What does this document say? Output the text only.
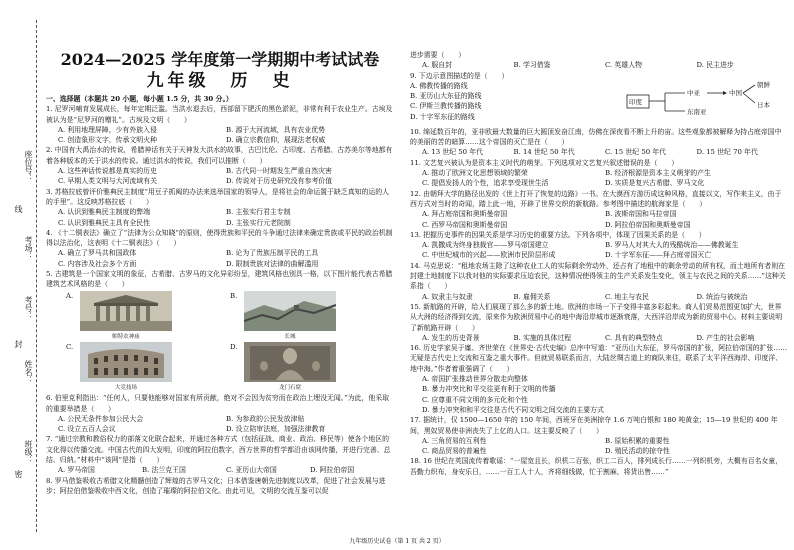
线
封
密
座位号：
考场：
考号：
姓名：
班级：
2024—2025 学年度第一学期期中考试试卷
九年级　历　史
一、选择题（本题共 20 小题，每小题 1.5 分，共 30 分。）

1. 尼罗河哺育发展成长，每年定期泛滥。当洪水退去后，西部留下肥沃的黑色淤泥，非常有利于农业生产。古埃及被认为是“尼罗河的赠礼”。古埃及文明（　　）

A. 利用地理屏障，少有外族入侵	B. 源于大河流域，具有农业优势
C. 创造象形文字，传承文明火种	D. 确立宗教信仰，展现法老权威

2. 中国有大禹治水的传说，希腊神话有关于天神发大洪水的故事，古巴比伦、古印度、古希腊、古苏美尔等地都有着各种版本的关于洪水的传说。通过洪水的传说，我们可以推断（　　）

A. 这些神话传说都是真实的历史	B. 古代同一时期发生严重自然灾害
C. 早期人类文明与大河流域有关	D. 传说对于历史研究没有参考价值

3. 苏格拉底曾评价雅典民主制度“用豆子抓阄的办法来选举国家的领导人，是将社会的命运置于缺乏真知的运的人的手里”。这反映苏格拉底（　　）

A. 认识到雅典民主制度的弊端	B. 主张实行君主专制
C. 认识到雅典民主具有全民性	D. 主张实行元老院制

4. 《十二铜表法》确立了“法律为公众知晓”的原则，使得贵族和平民的斗争通过法律来确定贵族或平民的政治机制得以法治化，这表明《十二铜表法》（　　）

A. 确立了罗马共和国政体	B. 论为了贵族压制平民的工具
C. 内容涉及社会多个方面	D. 限制贵族对法律的曲解滥用

5. 古建筑是一个国家文明的象征，古希腊、古罗马的文化异彩纷呈，建筑风格也别具一格，以下图片能代表古希腊建筑艺术风格的是（　　）

A.
帕特农神庙
B.
长城
C.
大竞技场
D.
龙门石窟

6. 伯里克利指出：“任何人，只要他能够对国家有所贡献，绝对不会因为贫穷而在政治上埋没无闻。”为此，他采取的重要举措是（　　）

A. 公民无条件参加公民大会	B. 为参政的公民发放津贴
C. 设立五百人会议	D. 设立陪审法庭，加强法律教育

7. “通过宗教和教俗权力的部落文化联合起来，并通过各种方式（包括征战、商业、政治、移民等）使各个地区的文化得以传播交流。中国古代的四大发明，印度的阿拉伯数字，西方世界的哲学都沿由该网传播，并进行完善、总结、归纳。”材料中“该网”是指（　　）

A. 罗马帝国	B. 法兰克王国	C. 亚历山大帝国	D. 阿拉伯帝国

8. 罗马借鉴吸收古希腊文化精髓创造了辉煌的古罗马文化；日本借鉴唐朝先进制度以改革，促进了社会发展与进步；阿拉伯借鉴吸收中西文化，创造了璀璨的阿拉伯文化。由此可见，文明的交流互鉴可以促

进步需要（　　）

A. 服自封	B. 学习借鉴	C. 英雄人物	D. 民主进步

9. 下边示意图描述的是（　　）

A. 佛教传播的路线
B. 亚历山大东征的路线
C. 伊斯兰教传播的路线
D. 十字军东征的路线
印度
中亚	中国
朝鲜
日本
东南亚

10. 绵延数百年的，亚非欧最大数量的巨大圆顶发奋江南，仿佛在深夜看不断上升的宙。这些观象都被解释为持占庭帝国中的美丽的苦的暗算……这个帝国的灭亡是在（　　）

A. 13 世纪 50 年代	B. 14 世纪 50 年代	C. 15 世纪 50 年代	D. 15 世纪 70 年代

11. 文艺复兴被认为是资本主义时代的萌芽。下列选项对文艺复兴叙述错误的是（　　）

A. 推动了欧洲文化思想领域的繁荣	B. 经济根源是资本主义萌芽的产生
C. 提倡发扬人的个性，追求享受现世生活	D. 实质是复兴古希腊、罗马文化

12. 由朝拜大学的路径出发的《世上打开了恢复的边路》一书。在大漠西方游历成这种风格，直接以文，写作来主义，由于西方式对当时的奇闻，踏上此一地，开辟了世界交织的新航路。参考图中描述的航海家是（　　）

A. 拜占庭帝国和奥斯曼帝国	B. 波斯帝国和马拉帝国
C. 西罗马帝国和奥斯曼帝国	D. 阿拉伯帝国和奥斯曼帝国

13. 把握历史事件的因果关系是学习历史的重要方法。下列各项中，体现了因果关系的是（　　）

A. 凯撒成为终身独裁官——罗马帝国建立	B. 罗马人对其大人的残酷统治——佛教诞生
C. 中世纪城市的兴起——欧洲市民阶层形成	D. 十字军东征——拜占庭帝国灭亡

14. 马克思说：“租地农场主除了这种农业工人的实际剩余劳动外，还占有了地租中的剩余劳动的所有权，而土地所有者则在封建土地制度下以我对他的实际要求压迫农民，这种情况使得领主的生产关系发生变化，领主与农民之间的关系……”这种关系指（　　）

A. 奴隶主与奴隶	B. 雇佣关系	C. 地主与农民	D. 统治与被统治

15. 新航路的开辟，给人们展现了那么多的新土地。欧洲的市场一下子变得丰富多彩起来。商人们贸易范围更加扩大，世界从大洲的经济得到交流，原来作为欧洲贸易中心的地中海沿岸城市逐渐衰落，大西洋沿岸成为新的贸易中心。材料主要说明了新航路开辟（　　）

A. 发生的历史背景	B. 实施的具体过程	C. 具有的典型特点	D. 产生的社会影响

16. 历史学家吴于廑、齐世荣在《世界史·古代史编》总序中写道：“亚历山大东征，罗马帝国的扩张，阿拉伯帝国的扩张……无疑是古代史上交流和互鉴之重大事件。但就贸易联系而言，大陆丝绸古道上的商队来往，联系了太平洋西海岸、印度洋、地中海。”作者着重强调了（　　）

A. 帝国扩张推动世界分散走向整体
B. 暴力冲突比和平交往更有利于文明的传播
C. 应尊重不同文明的多元化和个性
D. 暴力冲突和和平交往是古代不同文明之间交流的主要方式

17. 据统计，仅 1500—1650 年的 150 年间，西班牙在美洲掠夺 1.6 万吨白银和 180 吨黄金；15—19 世纪的 400 年间，黑奴贸易使非洲丧失了上亿的人口。这主要反映了（　　）

A. 三角贸易的互利性	B. 原始积累的重要性
C. 商品贸易的普遍性	D. 殖民活动的掠夺性

18. 16 世纪在英国流传着歌谣：“一屋宽且长，织机二百张，织工二百人，排列成长行……一列织机旁，大概有百名女童，吾勤力织布，身安乐日，……一百工人十人，齐将细线做，忙于割麻，将货出售……”

九年级历史试卷（第 1 页 共 2 页）
